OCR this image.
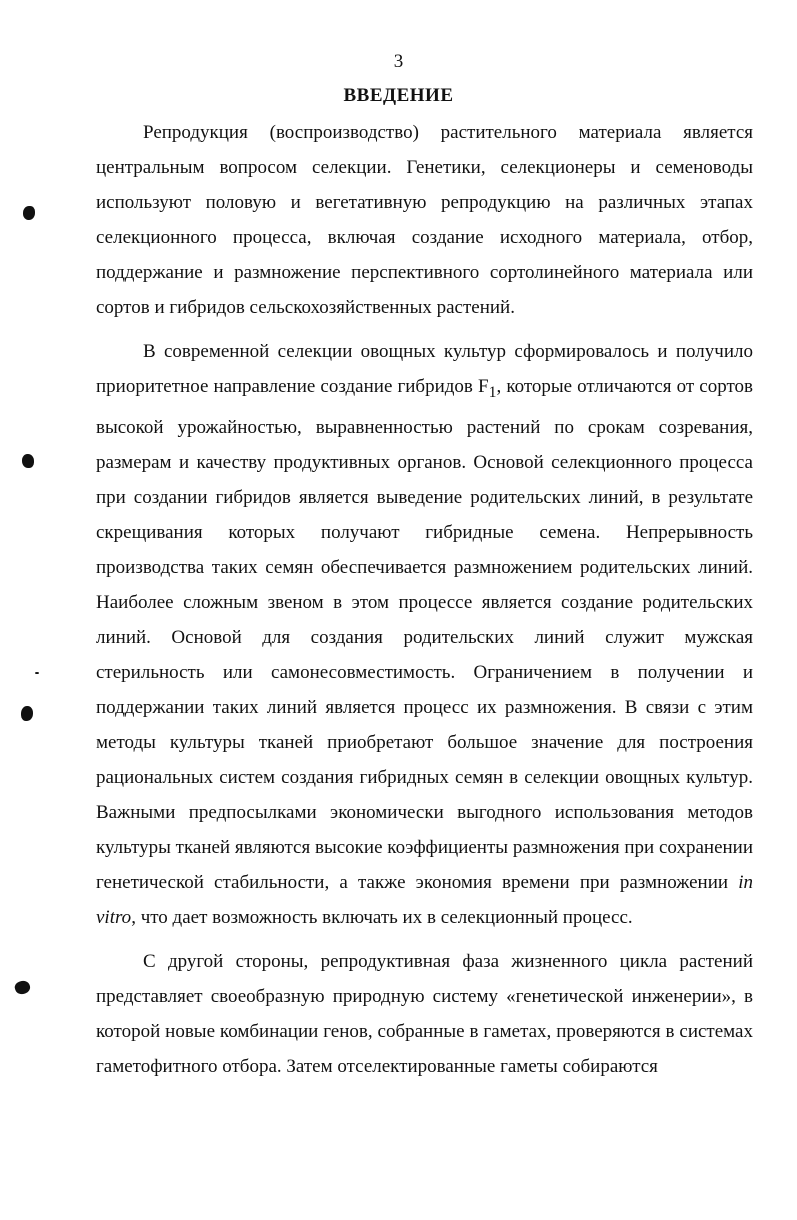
3
ВВЕДЕНИЕ

Репродукция (воспроизводство) растительного материала является центральным вопросом селекции. Генетики, селекционеры и семеноводы используют половую и вегетативную репродукцию на различных этапах селекционного процесса, включая создание исходного материала, отбор, поддержание и размножение перспективного сортолинейного материала или сортов и гибридов сельскохозяйственных растений.

В современной селекции овощных культур сформировалось и получило приоритетное направление создание гибридов $F_1$, которые отличаются от сортов высокой урожайностью, выравненностью растений по срокам созревания, размерам и качеству продуктивных органов. Основой селекционного процесса при создании гибридов является выведение родительских линий, в результате скрещивания которых получают гибридные семена. Непрерывность производства таких семян обеспечивается размножением родительских линий. Наиболее сложным звеном в этом процессе является создание родительских линий. Основой для создания родительских линий служит мужская стерильность или самонесовместимость. Ограничением в получении и поддержании таких линий является процесс их размножения. В связи с этим методы культуры тканей приобретают большое значение для построения рациональных систем создания гибридных семян в селекции овощных культур. Важными предпосылками экономически выгодного использования методов культуры тканей являются высокие коэффициенты размножения при сохранении генетической стабильности, а также экономия времени при размножении in vitro, что дает возможность включать их в селекционный процесс.

С другой стороны, репродуктивная фаза жизненного цикла растений представляет своеобразную природную систему «генетической инженерии», в которой новые комбинации генов, собранные в гаметах, проверяются в системах гаметофитного отбора. Затем отселектированные гаметы собираются
